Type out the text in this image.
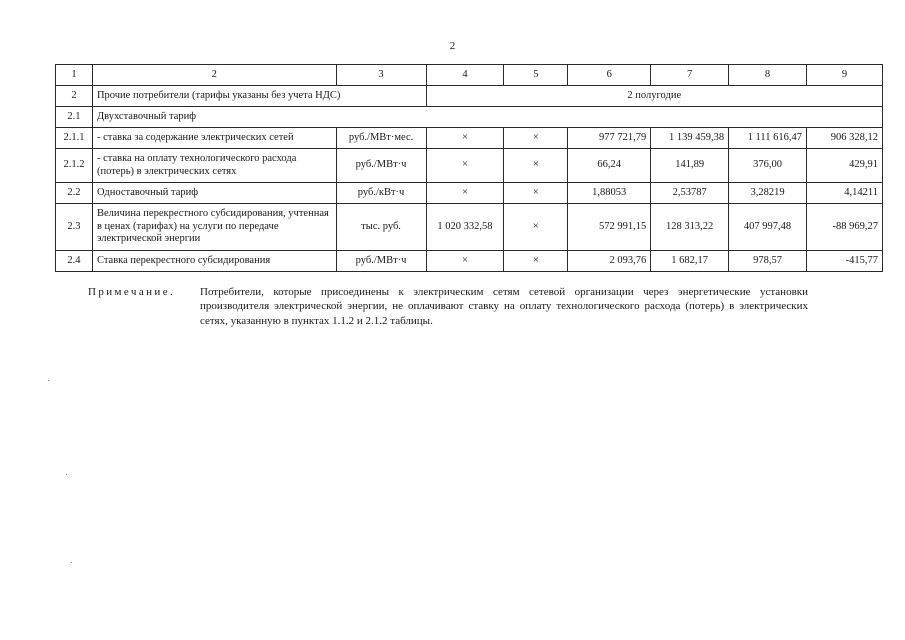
2
1	2	3	4	5	6	7	8	9
2	Прочие потребители (тарифы указаны без учета НДС)		2 полугодие					
2.1	Двухставочный тариф							
2.1.1	- ставка за содержание электрических сетей	руб./МВт·мес.	×	×	977 721,79	1 139 459,38	1 111 616,47	906 328,12
2.1.2	- ставка на оплату технологического расхода (потерь) в электрических сетях	руб./МВт·ч	×	×	66,24	141,89	376,00	429,91
2.2	Одноставочный тариф	руб./кВт·ч	×	×	1,88053	2,53787	3,28219	4,14211
2.3	Величина перекрестного субсидирования, учтенная в ценах (тарифах) на услуги по передаче электрической энергии	тыс. руб.	1 020 332,58	×	572 991,15	128 313,22	407 997,48	-88 969,27
2.4	Ставка перекрестного субсидирования	руб./МВт·ч	×	×	2 093,76	1 682,17	978,57	-415,77
Примечание. Потребители, которые присоединены к электрическим сетям сетевой организации через энергетические установки производителя электрической энергии, не оплачивают ставку на оплату технологического расхода (потерь) в электрических сетях, указанную в пунктах 1.1.2 и 2.1.2 таблицы.
